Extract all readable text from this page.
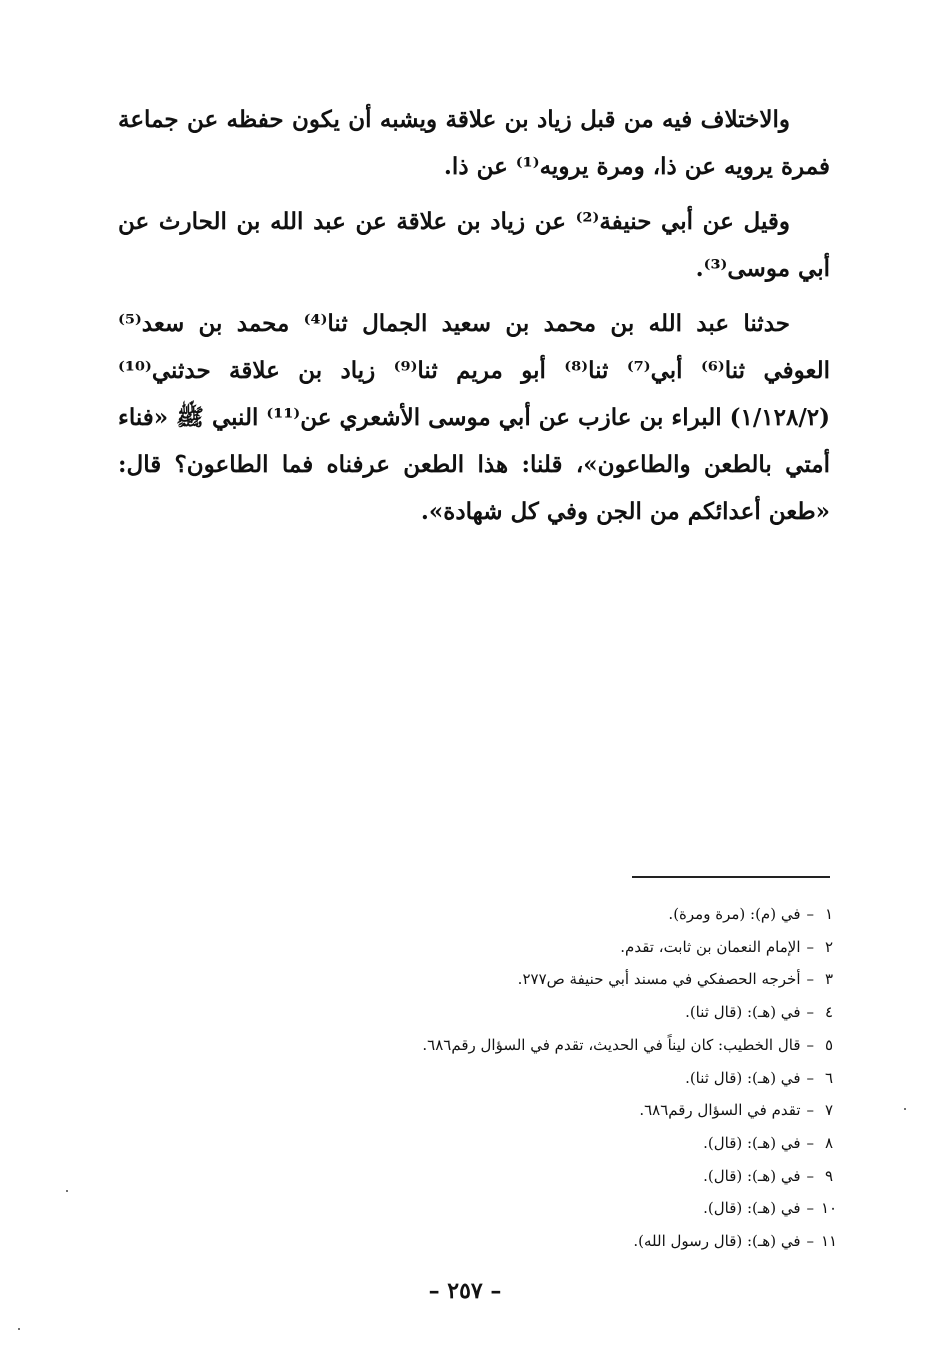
والاختلاف فيه من قبل زياد بن علاقة ويشبه أن يكون حفظه عن جماعة فمرة يرويه عن ذا، ومرة يرويه⁽¹⁾ عن ذا.

وقيل عن أبي حنيفة⁽²⁾ عن زياد بن علاقة عن عبد الله بن الحارث عن أبي موسى⁽³⁾.

حدثنا عبد الله بن محمد بن سعيد الجمال ثنا⁽⁴⁾ محمد بن سعد⁽⁵⁾ العوفي ثنا⁽⁶⁾ أبي⁽⁷⁾ ثنا⁽⁸⁾ أبو مريم ثنا⁽⁹⁾ زياد بن علاقة حدثني⁽¹⁰⁾ (١/١٢٨/٢) البراء بن عازب عن أبي موسى الأشعري عن⁽¹¹⁾ النبي ﷺ «فناء أمتي بالطعن والطاعون»، قلنا: هذا الطعن عرفناه فما الطاعون؟ قال: «طعن أعدائكم من الجن وفي كل شهادة».

١–في (م): (مرة ومرة).
٢–الإمام النعمان بن ثابت، تقدم.
٣–أخرجه الحصفكي في مسند أبي حنيفة ص٢٧٧.
٤–في (هـ): (قال ثنا).
٥–قال الخطيب: كان ليناً في الحديث، تقدم في السؤال رقم٦٨٦.
٦–في (هـ): (قال ثنا).
٧–تقدم في السؤال رقم٦٨٦.
٨–في (هـ): (قال).
٩–في (هـ): (قال).
١٠–في (هـ): (قال).
١١–في (هـ): (قال رسول الله).
– ٢٥٧ –
